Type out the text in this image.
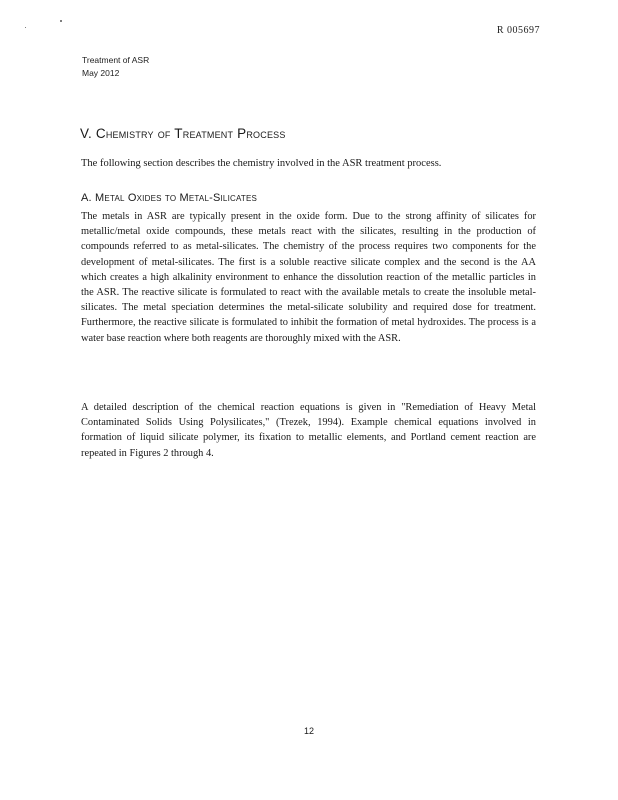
R 005697
Treatment of ASR
May 2012
V. Chemistry of Treatment Process
The following section describes the chemistry involved in the ASR treatment process.
A. Metal Oxides to Metal-Silicates
The metals in ASR are typically present in the oxide form. Due to the strong affinity of silicates for metallic/metal oxide compounds, these metals react with the silicates, resulting in the production of compounds referred to as metal-silicates. The chemistry of the process requires two components for the development of metal-silicates. The first is a soluble reactive silicate complex and the second is the AA which creates a high alkalinity environment to enhance the dissolution reaction of the metallic particles in the ASR. The reactive silicate is formulated to react with the available metals to create the insoluble metal-silicates. The metal speciation determines the metal-silicate solubility and required dose for treatment. Furthermore, the reactive silicate is formulated to inhibit the formation of metal hydroxides. The process is a water base reaction where both reagents are thoroughly mixed with the ASR.
A detailed description of the chemical reaction equations is given in "Remediation of Heavy Metal Contaminated Solids Using Polysilicates," (Trezek, 1994). Example chemical equations involved in formation of liquid silicate polymer, its fixation to metallic elements, and Portland cement reaction are repeated in Figures 2 through 4.
12
